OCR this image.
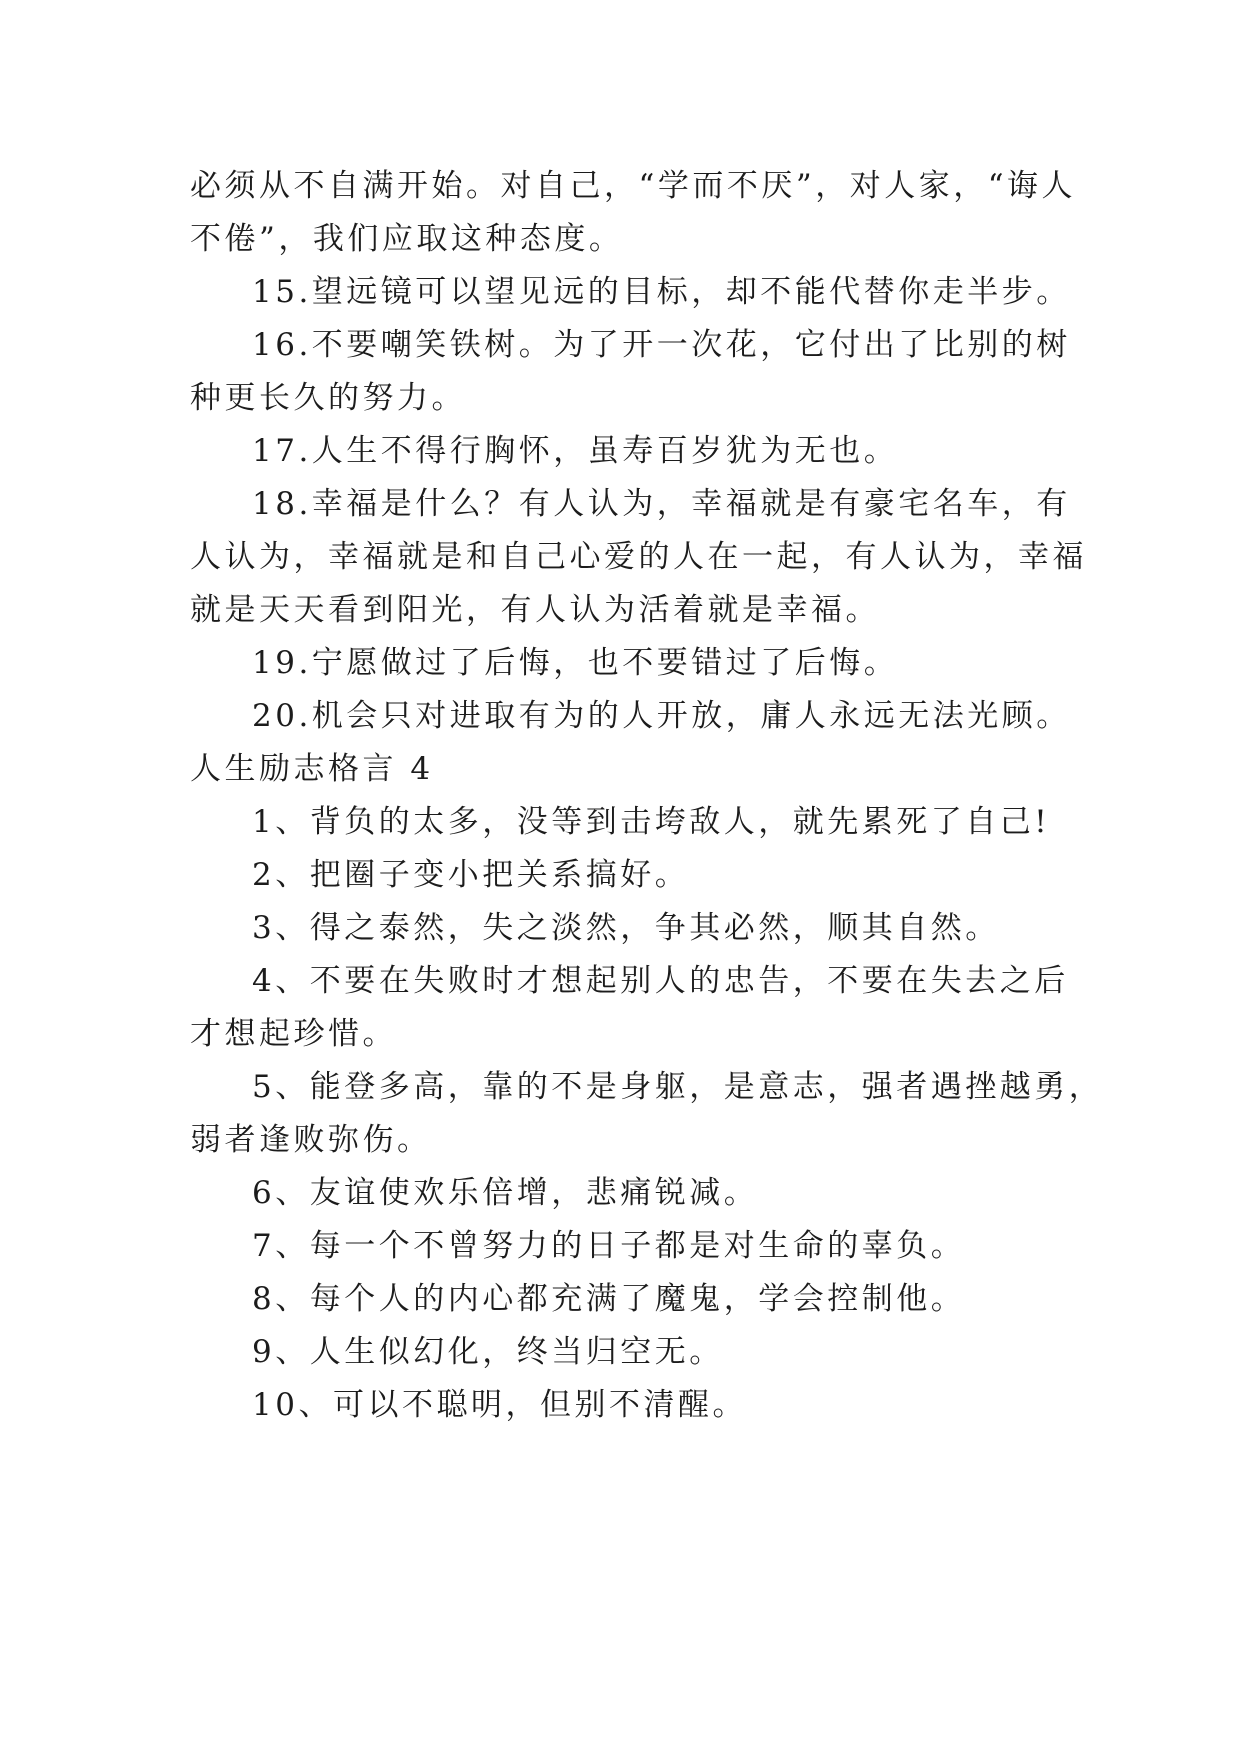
必须从不自满开始。对自己，“学而不厌”，对人家，“诲人

不倦”，我们应取这种态度。

15.望远镜可以望见远的目标，却不能代替你走半步。

16.不要嘲笑铁树。为了开一次花，它付出了比别的树

种更长久的努力。

17.人生不得行胸怀，虽寿百岁犹为无也。

18.幸福是什么？有人认为，幸福就是有豪宅名车，有

人认为，幸福就是和自己心爱的人在一起，有人认为，幸福

就是天天看到阳光，有人认为活着就是幸福。

19.宁愿做过了后悔，也不要错过了后悔。

20.机会只对进取有为的人开放，庸人永远无法光顾。

人生励志格言 4

1、背负的太多，没等到击垮敌人，就先累死了自己!

2、把圈子变小把关系搞好。

3、得之泰然，失之淡然，争其必然，顺其自然。

4、不要在失败时才想起别人的忠告，不要在失去之后

才想起珍惜。

5、能登多高，靠的不是身躯，是意志，强者遇挫越勇，

弱者逢败弥伤。

6、友谊使欢乐倍增，悲痛锐减。

7、每一个不曾努力的日子都是对生命的辜负。

8、每个人的内心都充满了魔鬼，学会控制他。

9、人生似幻化，终当归空无。

10、可以不聪明，但别不清醒。
